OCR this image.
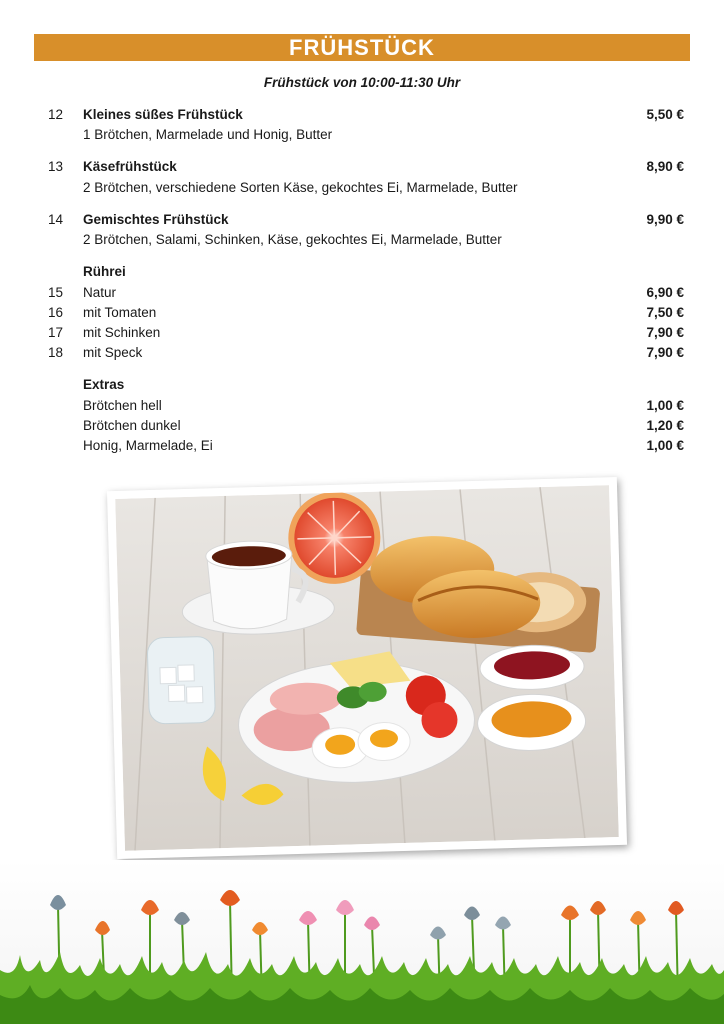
FRÜHSTÜCK
Frühstück von 10:00-11:30 Uhr
12 Kleines süßes Frühstück	5,50 €
1 Brötchen, Marmelade und Honig, Butter
13 Käsefrühstück	8,90 €
2 Brötchen, verschiedene Sorten Käse, gekochtes Ei, Marmelade, Butter
14 Gemischtes Frühstück	9,90 €
2 Brötchen, Salami, Schinken, Käse, gekochtes Ei, Marmelade, Butter
Rührei
15 Natur	6,90 €
16 mit Tomaten	7,50 €
17 mit Schinken	7,90 €
18 mit Speck	7,90 €
Extras
Brötchen hell	1,00 €
Brötchen dunkel	1,20 €
Honig, Marmelade, Ei	1,00 €
